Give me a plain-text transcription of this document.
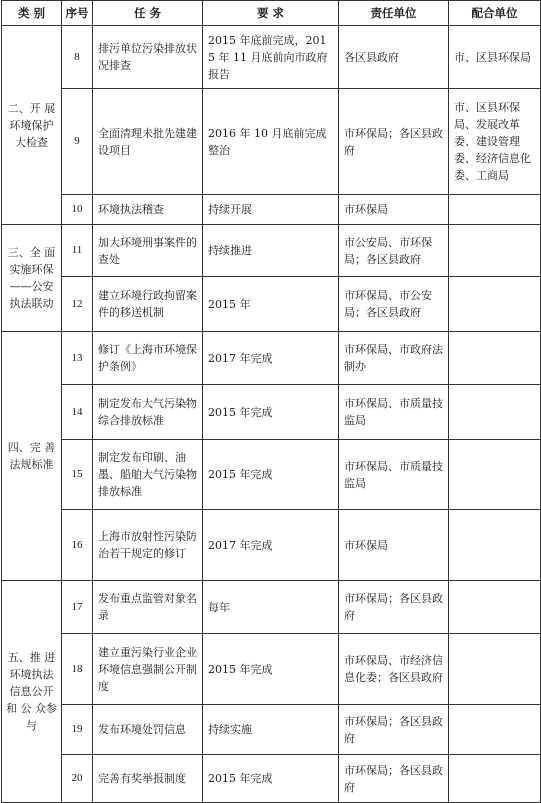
类 别	序号	任 务	要 求	责任单位	配合单位
二、开 展环境保护大检查	8	排污单位污染排放状况排查	2015 年底前完成，2015 年 11 月底前向市政府报告	各区县政府	市、区县环保局
	9	全面清理未批先建建设项目	2016 年 10 月底前完成整治	市环保局；各区县政府	市、区县环保局、发展改革委、建设管理委、经济信息化委、工商局
	10	环境执法稽查	持续开展	市环保局	
三、全 面实施环保——公安执法联动	11	加大环境刑事案件的查处	持续推进	市公安局、市环保局；各区县政府	
	12	建立环境行政拘留案件的移送机制	2015 年	市环保局、市公安局；各区县政府	
四、完 善法规标准	13	修订《上海市环境保护条例》	2017 年完成	市环保局、市政府法制办	
	14	制定发布大气污染物综合排放标准	2015 年完成	市环保局、市质量技监局	
	15	制定发布印刷、油墨、船舶大气污染物排放标准	2015 年完成	市环保局、市质量技监局	
	16	上海市放射性污染防治若干规定的修订	2017 年完成	市环保局	
五、推 进环境执法信息公开和 公 众参与	17	发布重点监管对象名录	每年	市环保局；各区县政府	
	18	建立重污染行业企业环境信息强制公开制度	2015 年完成	市环保局、市经济信息化委；各区县政府	
	19	发布环境处罚信息	持续实施	市环保局；各区县政府	
	20	完善有奖举报制度	2015 年完成	市环保局；各区县政府	
